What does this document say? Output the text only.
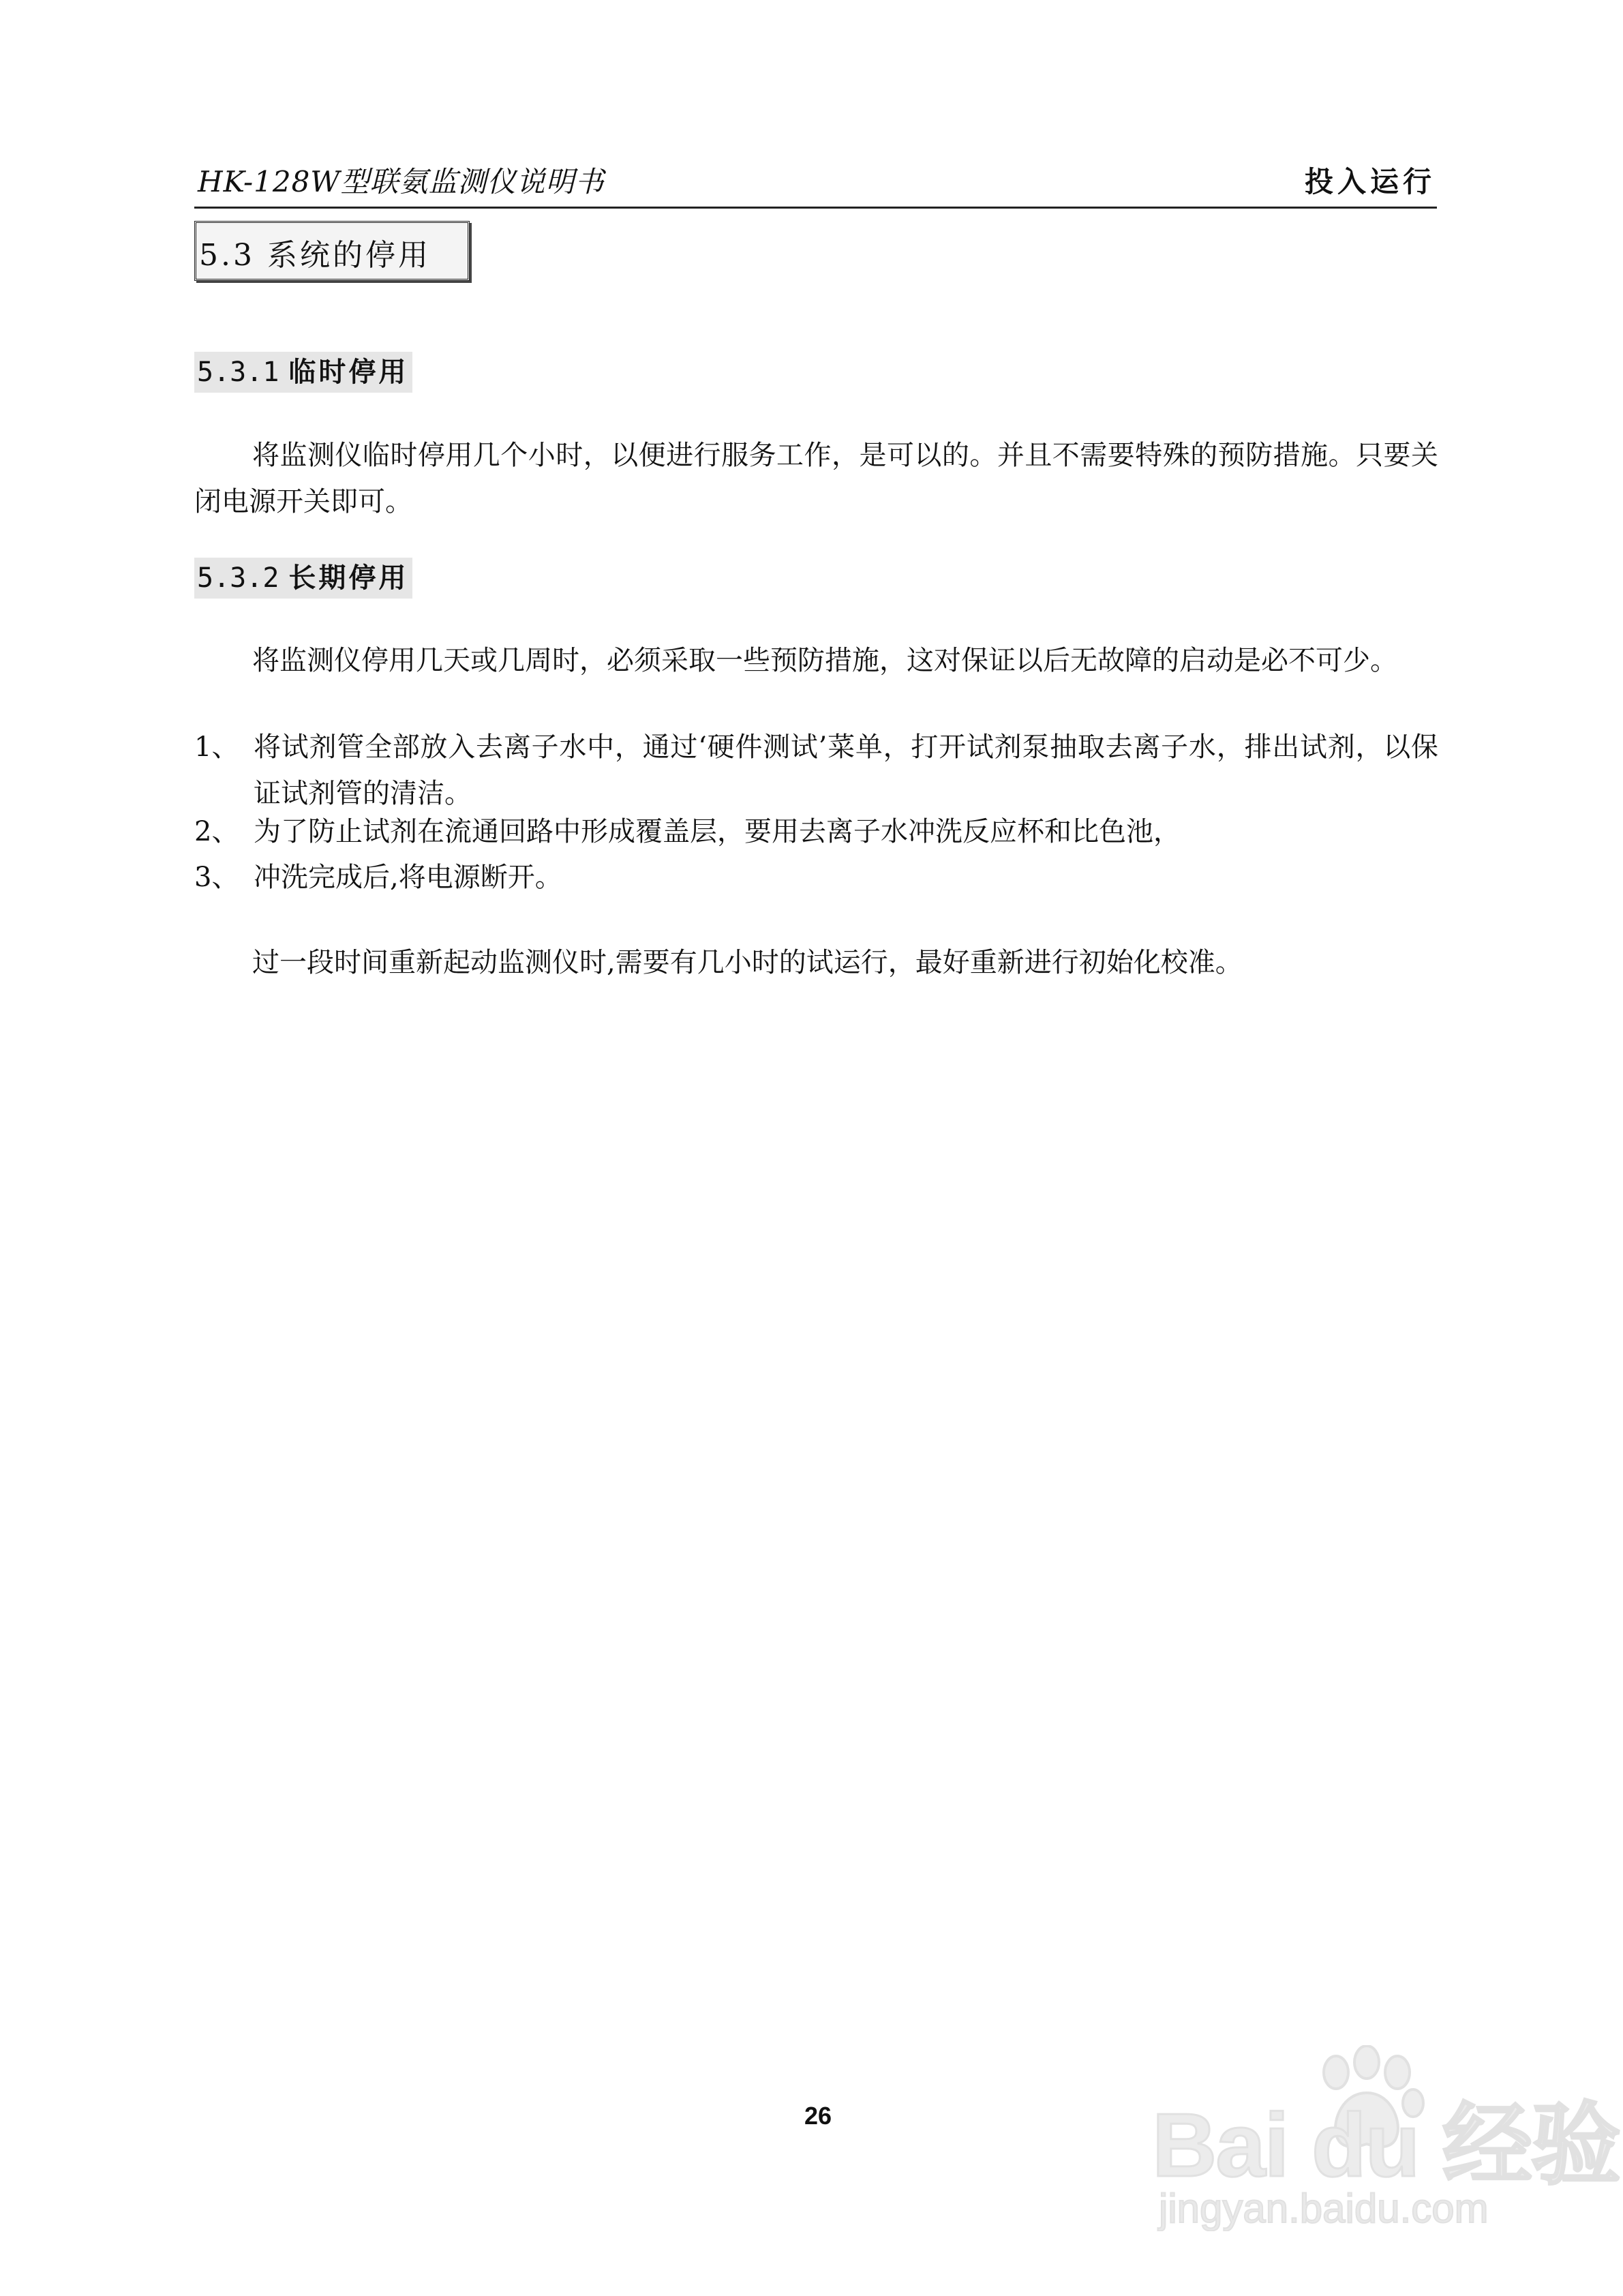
HK-128W型联氨监测仪说明书	投入运行
5.3 系统的停用
5.3.1 临时停用
将监测仪临时停用几个小时，以便进行服务工作，是可以的。并且不需要特殊的预防措施。只要关闭电源开关即可。
5.3.2 长期停用
将监测仪停用几天或几周时，必须采取一些预防措施，这对保证以后无故障的启动是必不可少。
1、 将试剂管全部放入去离子水中，通过‘硬件测试’菜单，打开试剂泵抽取去离子水，排出试剂，以保证试剂管的清洁。
2、 为了防止试剂在流通回路中形成覆盖层，要用去离子水冲洗反应杯和比色池，
3、 冲洗完成后,将电源断开。
过一段时间重新起动监测仪时,需要有几小时的试运行，最好重新进行初始化校准。
26	Bai du 经验
jingyan.baidu.com
